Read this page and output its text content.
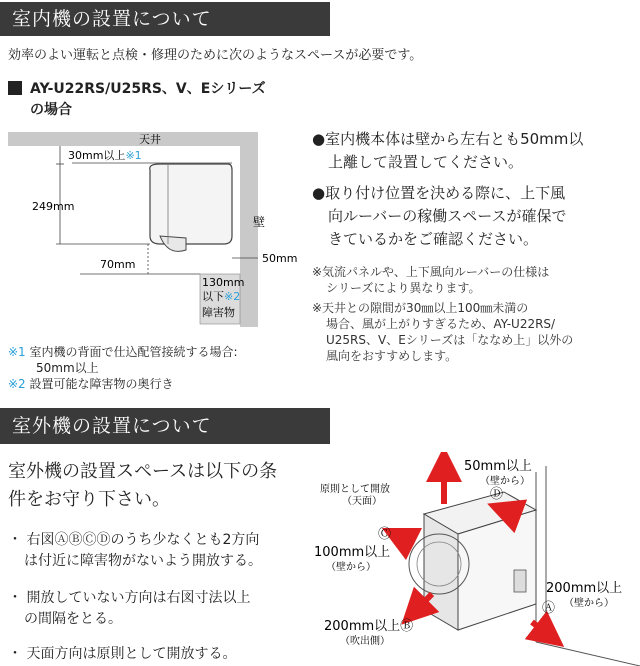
室内機の設置について
効率のよい運転と点検・修理のために次のようなスペースが必要です。
AY-U22RS/U25RS、V、Eシリーズ
の場合
天井
30mm以上※1
249mm
壁
70mm	50mm
130mm
以下※2
障害物
●室内機本体は壁から左右とも50mm以
上離して設置してください。
●取り付け位置を決める際に、上下風
向ルーバーの稼働スペースが確保で
きているかをご確認ください。
※気流パネルや、上下風向ルーバーの仕様は
シリーズにより異なります。
※天井との隙間が30㎜以上100㎜未満の
場合、風が上がりすぎるため、AY-U22RS/
U25RS、V、Eシリーズは「ななめ上」以外の
風向をおすすめします。
※1 室内機の背面で仕込配管接続する場合:
50mm以上
※2 設置可能な障害物の奥行き
室外機の設置について
室外機の設置スペースは以下の条
件をお守り下さい。
・ 右図ⒶⒷⒸⒹのうち少なくとも2方向
は付近に障害物がないよう開放する。
・ 開放していない方向は右図寸法以上
の間隔をとる。
・ 天面方向は原則として開放する。
原則として開放
（天面）
50mm以上
（壁から）
Ⓓ
Ⓒ
100mm以上
（壁から）
200mm以上
（壁から）
Ⓐ
200mm以上Ⓑ
（吹出側）
